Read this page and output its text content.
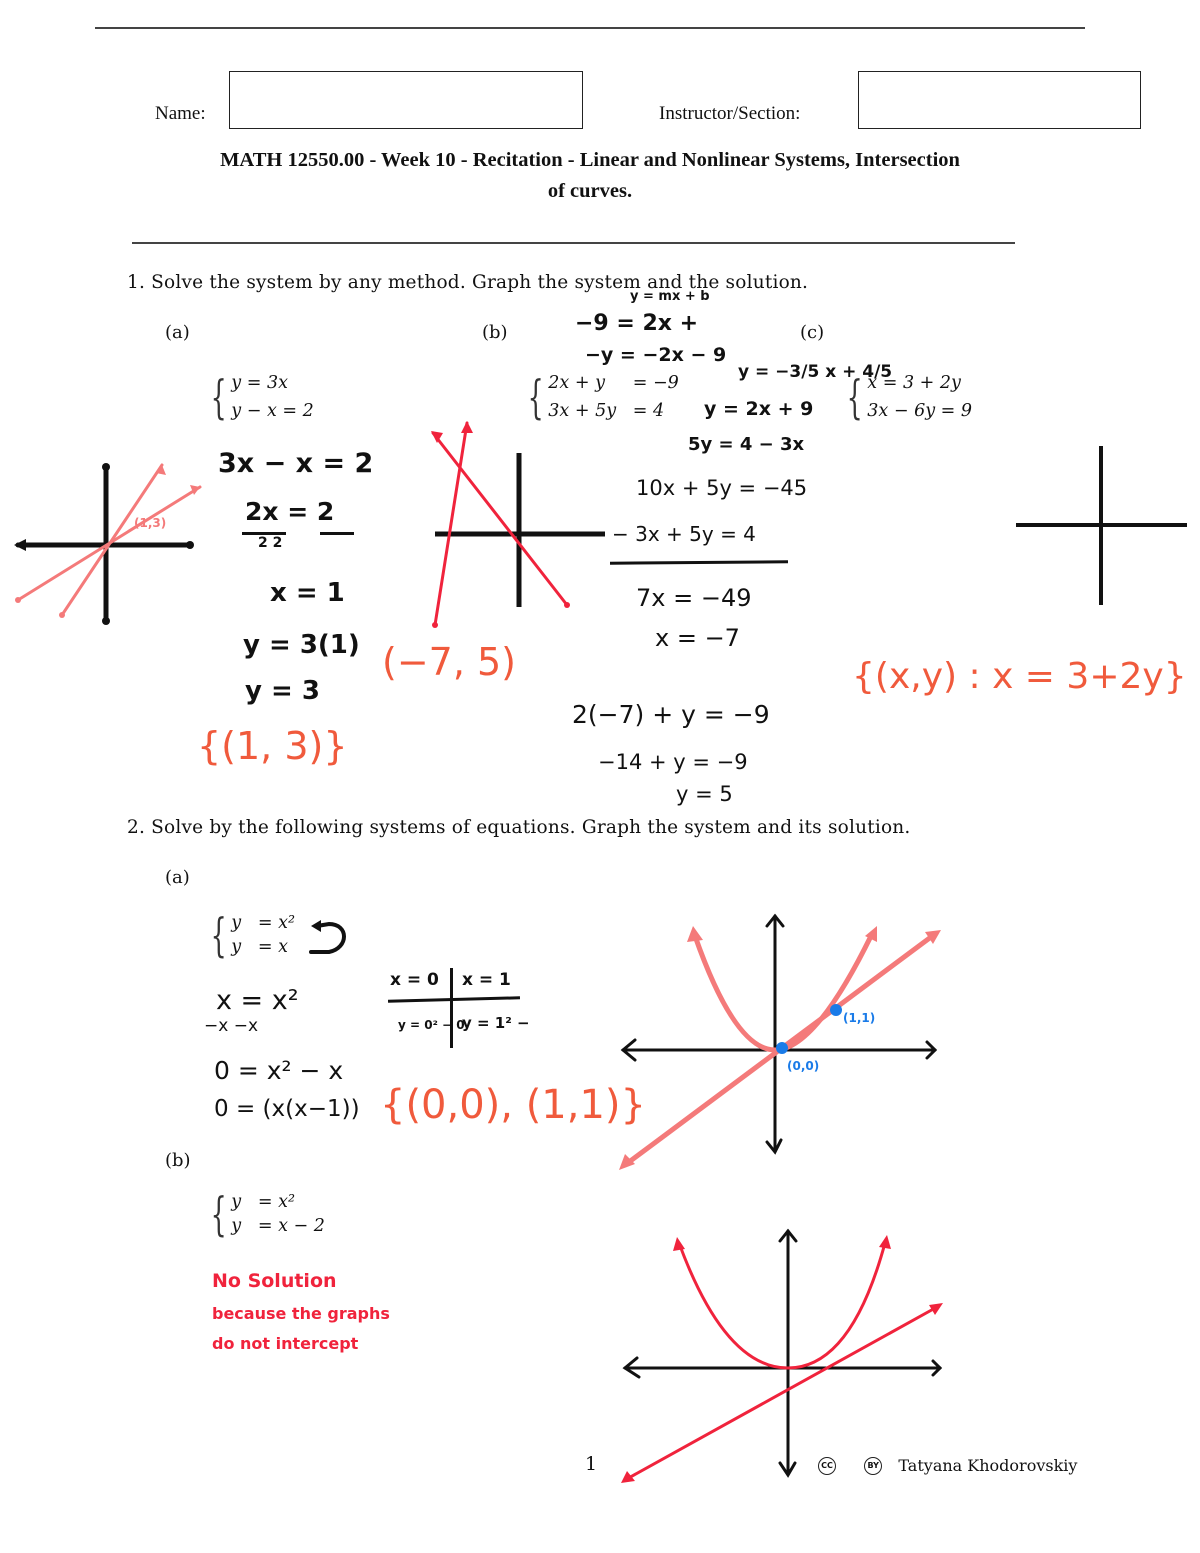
Name:	Instructor/Section:
MATH 12550.00 - Week 10 - Recitation - Linear and Nonlinear Systems, Intersection
of curves.
1. Solve the system by any method. Graph the system and the solution.
(a)	(b)	(c)
{ y = 3x
y − x = 2	{ 2x + y     = −9
3x + 5y   = 4	{ x = 3 + 2y
3x − 6y = 9
(1,3)
3x − x = 2
2x = 2
2 2
x = 1
y = 3(1)
y = 3
{(1, 3)}
(−7, 5)
y = mx + b
−9 = 2x +
−y = −2x − 9
y = −3/5 x + 4/5
y = 2x + 9
5y = 4 − 3x
10x + 5y = −45
− 3x + 5y = 4
7x = −49
x = −7
2(−7) + y = −9
−14 + y = −9
y = 5
{(x,y) : x = 3+2y}
2. Solve by the following systems of equations. Graph the system and its solution.
(a)
{ y   = x²
y   = x
x = x²
−x −x
0 = x² − x
0 = (x(x−1))
x = 0 x = 1
y = 0² − 0
y = 1² −
{(0,0), (1,1)}
(0,0)
(1,1)
(b)
{ y   = x²
y   = x − 2
No Solution
because the graphs
do not intercept
1	CC	BY Tatyana Khodorovskiy
